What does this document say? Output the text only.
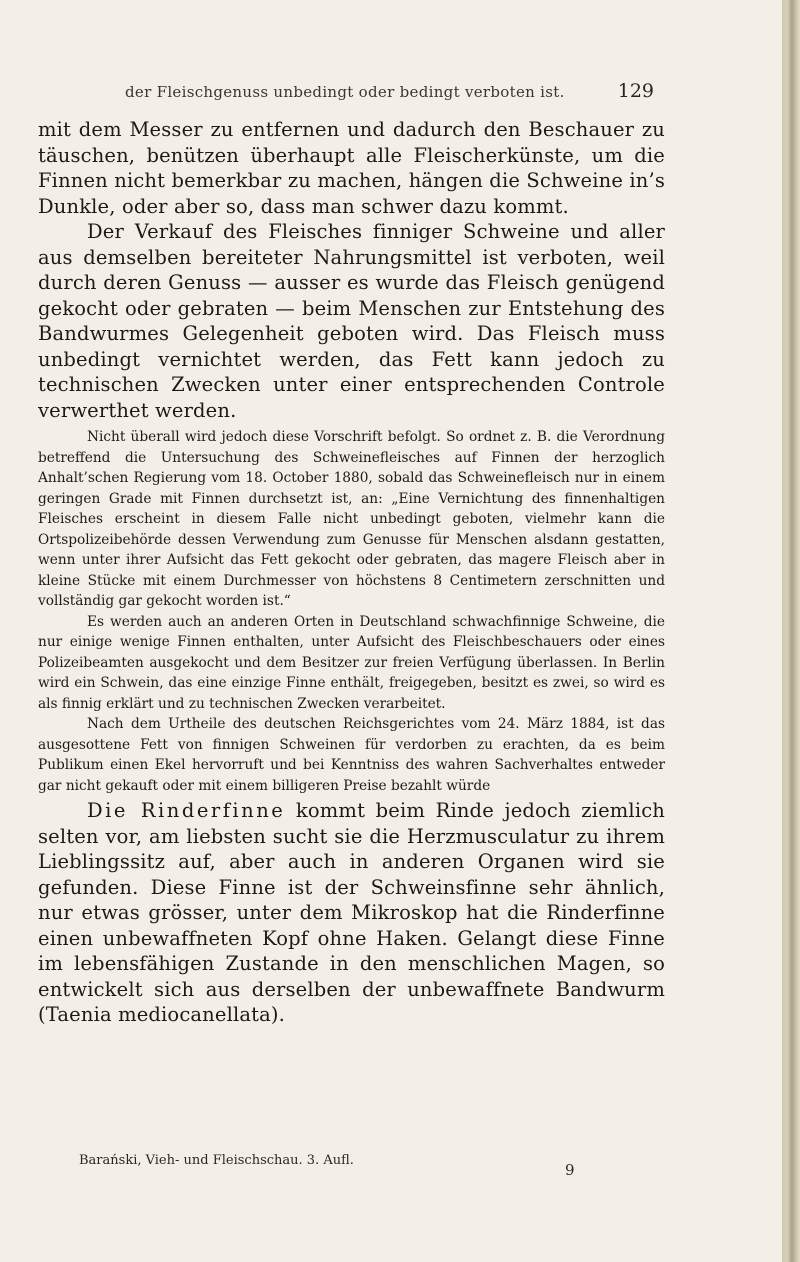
der Fleischgenuss unbedingt oder bedingt verboten ist.	129

mit dem Messer zu entfernen und dadurch den Beschauer zu täuschen, benützen überhaupt alle Fleischerkünste, um die Finnen nicht bemerkbar zu machen, hängen die Schweine in’s Dunkle, oder aber so, dass man schwer dazu kommt.

Der Verkauf des Fleisches finniger Schweine und aller aus demselben bereiteter Nahrungsmittel ist verboten, weil durch deren Genuss — ausser es wurde das Fleisch genügend gekocht oder gebraten — beim Menschen zur Entstehung des Bandwurmes Gelegenheit geboten wird. Das Fleisch muss unbedingt vernichtet werden, das Fett kann jedoch zu technischen Zwecken unter einer entsprechenden Controle verwerthet werden.

Nicht überall wird jedoch diese Vorschrift befolgt. So ordnet z. B. die Verordnung betreffend die Untersuchung des Schweinefleisches auf Finnen der herzoglich Anhalt’schen Regierung vom 18. October 1880, sobald das Schweinefleisch nur in einem geringen Grade mit Finnen durchsetzt ist, an: „Eine Vernichtung des finnenhaltigen Fleisches erscheint in diesem Falle nicht unbedingt geboten, vielmehr kann die Ortspolizeibehörde dessen Verwendung zum Genusse für Menschen alsdann gestatten, wenn unter ihrer Aufsicht das Fett gekocht oder gebraten, das magere Fleisch aber in kleine Stücke mit einem Durchmesser von höchstens 8 Centimetern zerschnitten und vollständig gar gekocht worden ist.“

Es werden auch an anderen Orten in Deutschland schwachfinnige Schweine, die nur einige wenige Finnen enthalten, unter Aufsicht des Fleischbeschauers oder eines Polizeibeamten ausgekocht und dem Besitzer zur freien Verfügung überlassen. In Berlin wird ein Schwein, das eine einzige Finne enthält, freigegeben, besitzt es zwei, so wird es als finnig erklärt und zu technischen Zwecken verarbeitet.

Nach dem Urtheile des deutschen Reichsgerichtes vom 24. März 1884, ist das ausgesottene Fett von finnigen Schweinen für verdorben zu erachten, da es beim Publikum einen Ekel hervorruft und bei Kenntniss des wahren Sachverhaltes entweder gar nicht gekauft oder mit einem billigeren Preise bezahlt würde

Die Rinderfinne kommt beim Rinde jedoch ziemlich selten vor, am liebsten sucht sie die Herzmusculatur zu ihrem Lieblingssitz auf, aber auch in anderen Organen wird sie gefunden. Diese Finne ist der Schweinsfinne sehr ähnlich, nur etwas grösser, unter dem Mikroskop hat die Rinderfinne einen unbewaffneten Kopf ohne Haken. Gelangt diese Finne im lebensfähigen Zustande in den menschlichen Magen, so entwickelt sich aus derselben der unbewaffnete Bandwurm (Taenia mediocanellata).

Barański, Vieh- und Fleischschau. 3. Aufl.
9
